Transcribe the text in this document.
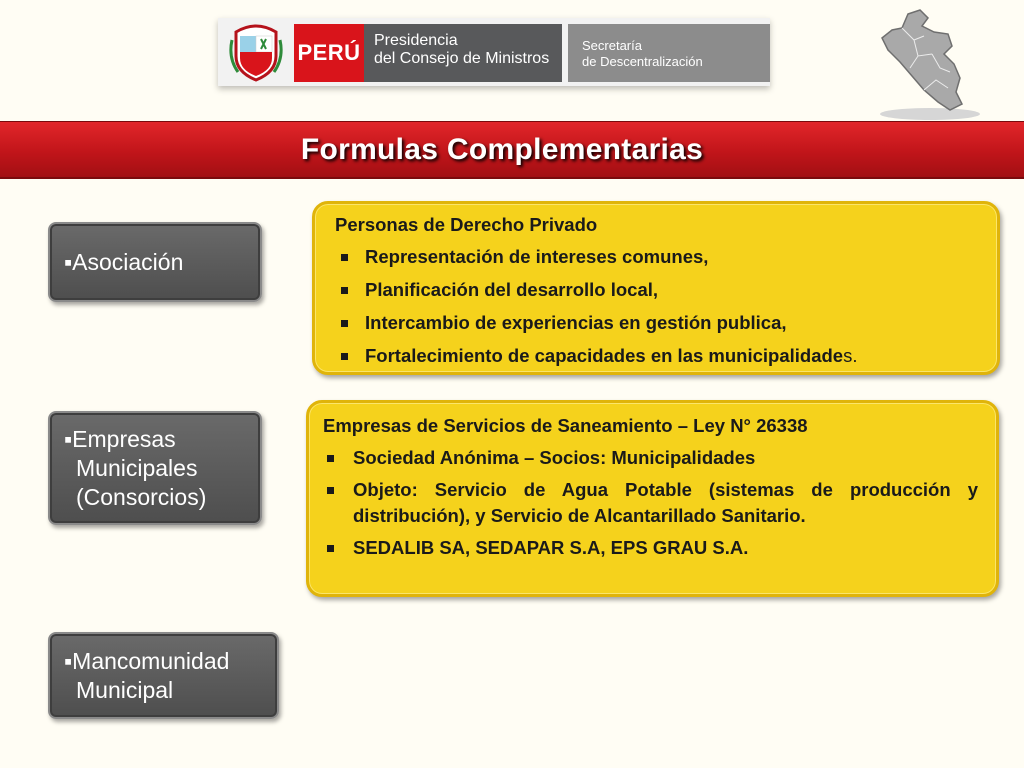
PERÚ Presidencia
del Consejo de Ministros
Secretaría
de Descentralización
Formulas Complementarias
▪Asociación
▪Empresas
Municipales
(Consorcios)
▪Mancomunidad
Municipal
Personas de Derecho Privado
Representación de intereses comunes,
Planificación del desarrollo local,
Intercambio de experiencias en gestión publica,
Fortalecimiento de capacidades en las municipalidades.
Empresas de Servicios de Saneamiento – Ley N° 26338
Sociedad Anónima – Socios: Municipalidades
Objeto: Servicio de Agua Potable (sistemas de producción y distribución), y Servicio de Alcantarillado Sanitario.
SEDALIB SA, SEDAPAR S.A, EPS GRAU S.A.
